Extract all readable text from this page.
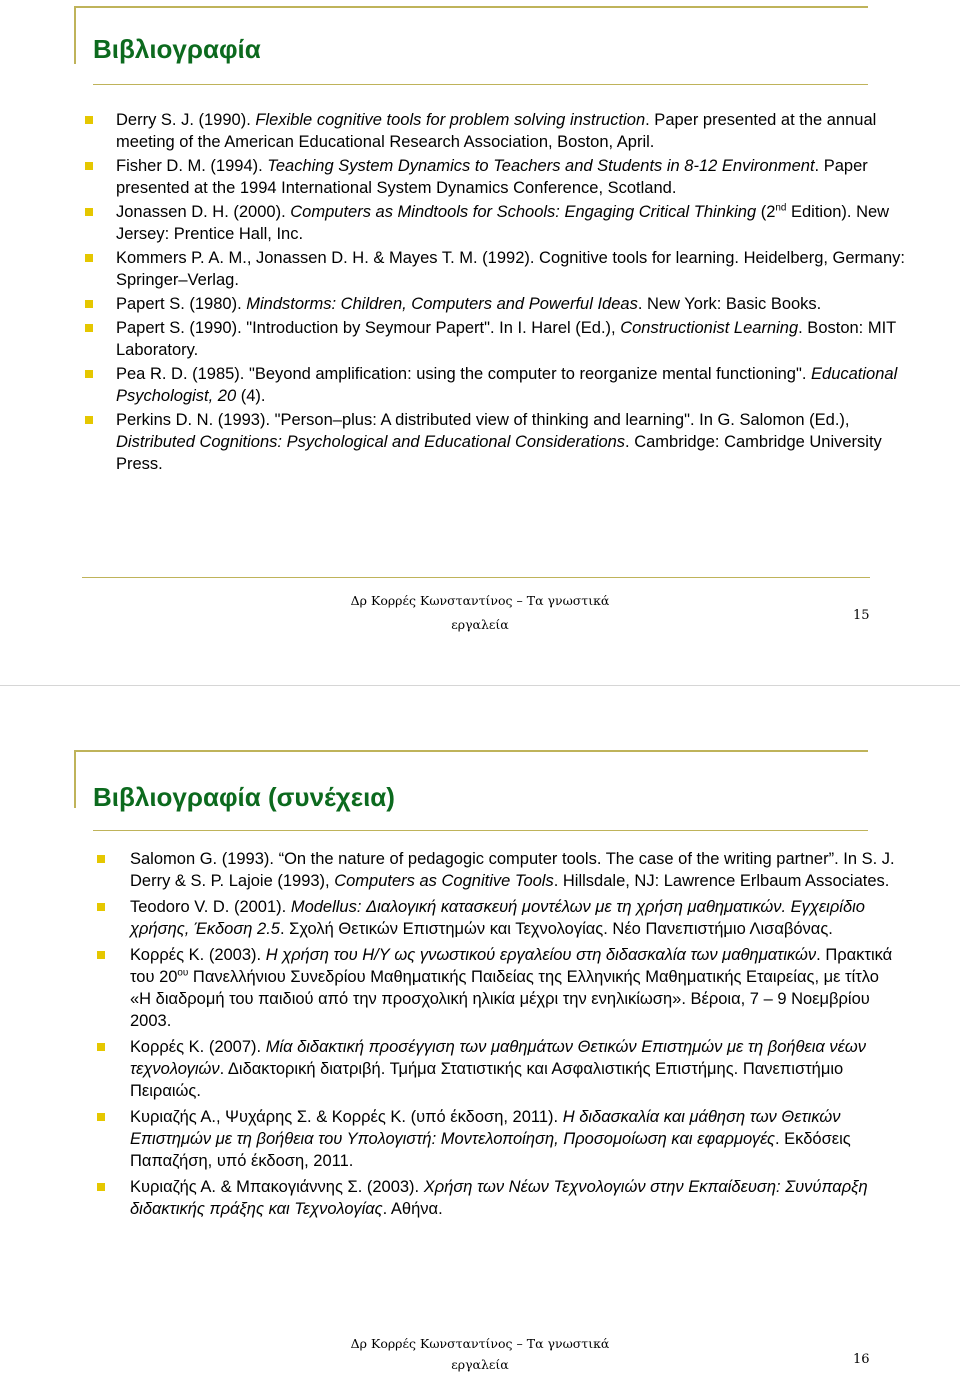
Βιβλιογραφία
Derry S. J. (1990). Flexible cognitive tools for problem solving instruction. Paper presented at the annual meeting of the American Educational Research Association, Boston, April.
Fisher D. M. (1994). Teaching System Dynamics to Teachers and Students in 8-12 Environment. Paper presented at the 1994 International System Dynamics Conference, Scotland.
Jonassen D. H. (2000). Computers as Mindtools for Schools: Engaging Critical Thinking (2nd Edition). New Jersey: Prentice Hall, Inc.
Kommers P. A. M., Jonassen D. H. & Mayes T. M. (1992). Cognitive tools for learning. Heidelberg, Germany: Springer–Verlag.
Papert S. (1980). Mindstorms: Children, Computers and Powerful Ideas. New York: Basic Books.
Papert S. (1990). "Introduction by Seymour Papert". In I. Harel (Ed.), Constructionist Learning. Boston: MIT Laboratory.
Pea R. D. (1985). "Beyond amplification: using the computer to reorganize mental functioning". Educational Psychologist, 20 (4).
Perkins D. N. (1993). "Person–plus: A distributed view of thinking and learning". In G. Salomon (Ed.), Distributed Cognitions: Psychological and Educational Considerations. Cambridge: Cambridge University Press.
Δρ Κορρές Κωνσταντίνος – Τα γνωστικά
εργαλεία
15
Βιβλιογραφία (συνέχεια)
Salomon G. (1993). “On the nature of pedagogic computer tools. The case of the writing partner”. In S. J. Derry & S. P. Lajoie (1993), Computers as Cognitive Tools. Hillsdale, NJ: Lawrence Erlbaum Associates.
Teodoro V. D. (2001). Modellus: Διαλογική κατασκευή μοντέλων με τη χρήση μαθηματικών. Εγχειρίδιο χρήσης, Έκδοση 2.5. Σχολή Θετικών Επιστημών και Τεχνολογίας. Νέο Πανεπιστήμιο Λισαβόνας.
Κορρές Κ. (2003). Η χρήση του Η/Υ ως γνωστικού εργαλείου στη διδασκαλία των μαθηματικών. Πρακτικά του $20^{o\upsilon}$ Πανελλήνιου Συνεδρίου Μαθηματικής Παιδείας της Ελληνικής Μαθηματικής Εταιρείας, με τίτλο «Η διαδρομή του παιδιού από την προσχολική ηλικία μέχρι την ενηλικίωση». Βέροια, 7 – 9 Νοεμβρίου 2003.
Κορρές Κ. (2007). Μία διδακτική προσέγγιση των μαθημάτων Θετικών Επιστημών με τη βοήθεια νέων τεχνολογιών. Διδακτορική διατριβή. Τμήμα Στατιστικής και Ασφαλιστικής Επιστήμης. Πανεπιστήμιο Πειραιώς.
Κυριαζής Α., Ψυχάρης Σ. & Κορρές Κ. (υπό έκδοση, 2011). Η διδασκαλία και μάθηση των Θετικών Επιστημών με τη βοήθεια του Υπολογιστή: Μοντελοποίηση, Προσομοίωση και εφαρμογές. Εκδόσεις Παπαζήση, υπό έκδοση, 2011.
Κυριαζής Α. & Μπακογιάννης Σ. (2003). Χρήση των Νέων Τεχνολογιών στην Εκπαίδευση: Συνύπαρξη διδακτικής πράξης και Τεχνολογίας. Αθήνα.
Δρ Κορρές Κωνσταντίνος – Τα γνωστικά
εργαλεία	16
